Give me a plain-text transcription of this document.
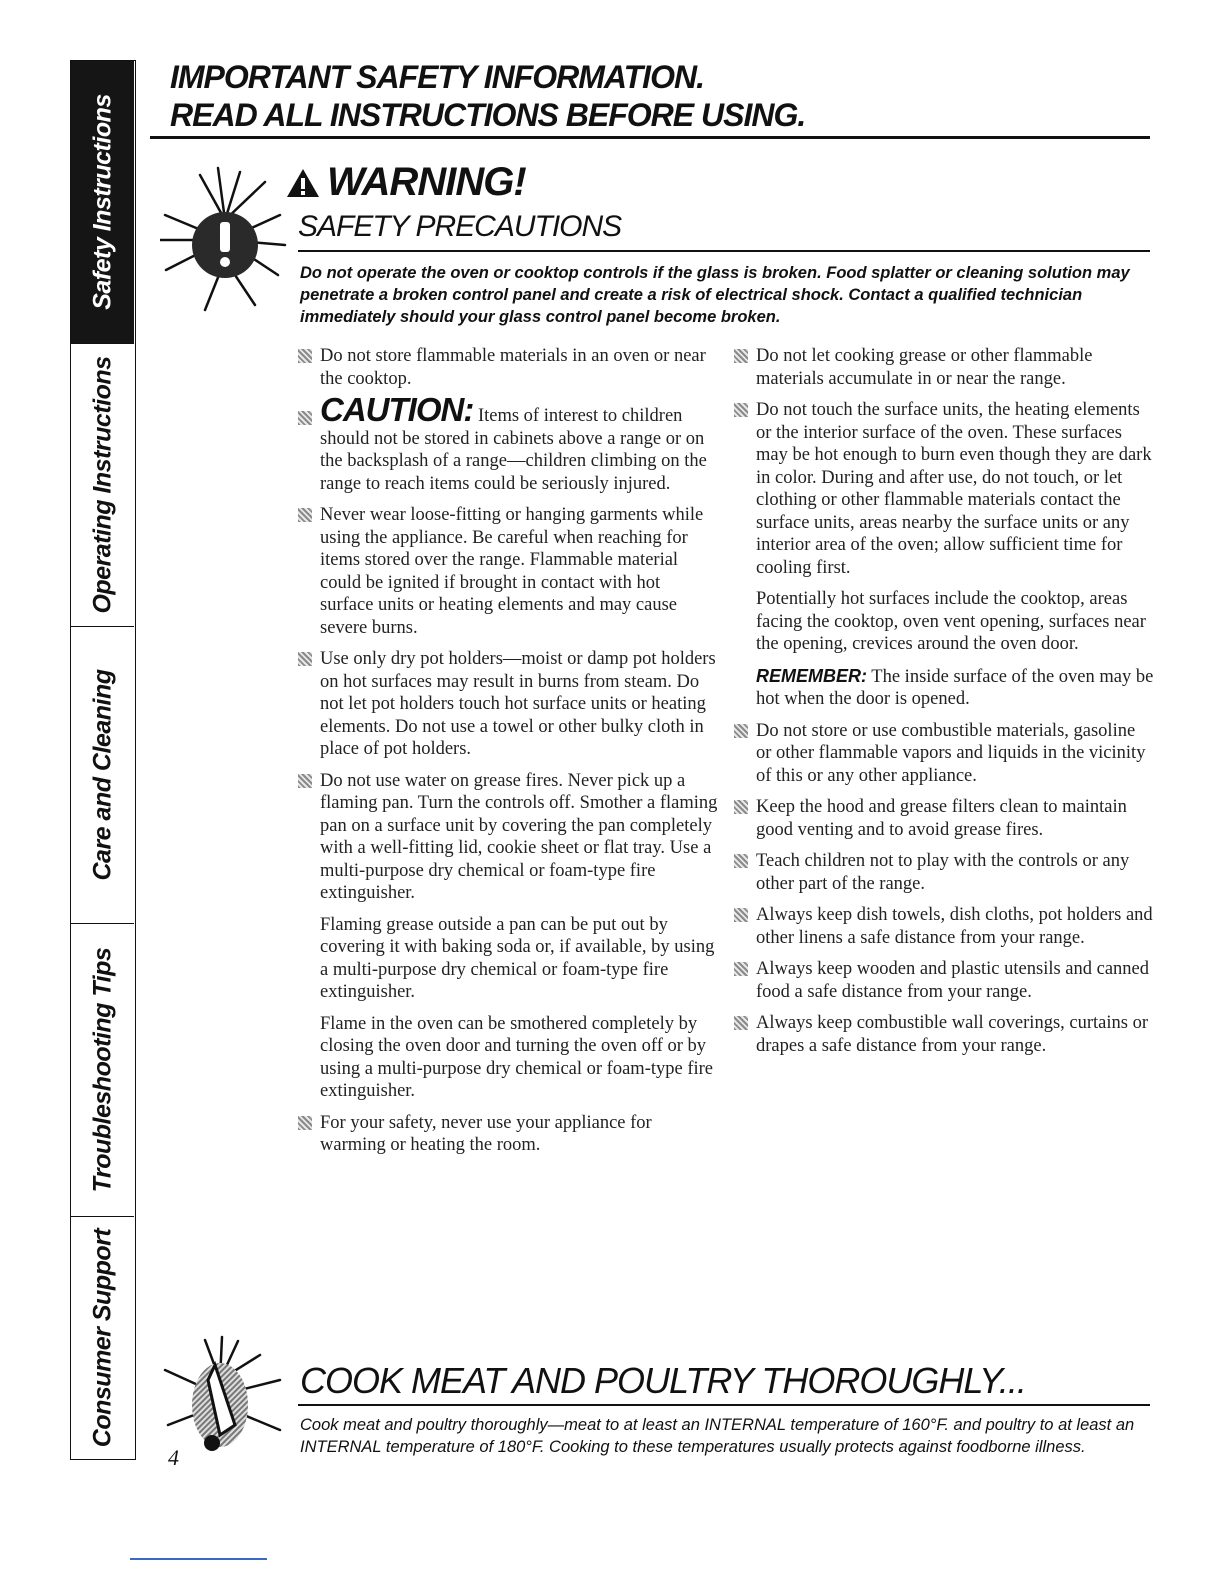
Safety Instructions
Operating Instructions
Care and Cleaning
Troubleshooting Tips
Consumer Support
IMPORTANT SAFETY INFORMATION.
READ ALL INSTRUCTIONS BEFORE USING.
WARNING!
SAFETY PRECAUTIONS
Do not operate the oven or cooktop controls if the glass is broken. Food splatter or cleaning solution may penetrate a broken control panel and create a risk of electrical shock. Contact a qualified technician immediately should your glass control panel become broken.
Do not store flammable materials in an oven or near the cooktop.
CAUTION: Items of interest to children should not be stored in cabinets above a range or on the backsplash of a range—children climbing on the range to reach items could be seriously injured.
Never wear loose-fitting or hanging garments while using the appliance. Be careful when reaching for items stored over the range. Flammable material could be ignited if brought in contact with hot surface units or heating elements and may cause severe burns.
Use only dry pot holders—moist or damp pot holders on hot surfaces may result in burns from steam. Do not let pot holders touch hot surface units or heating elements. Do not use a towel or other bulky cloth in place of pot holders.
Do not use water on grease fires. Never pick up a flaming pan. Turn the controls off. Smother a flaming pan on a surface unit by covering the pan completely with a well-fitting lid, cookie sheet or flat tray. Use a multi-purpose dry chemical or foam-type fire extinguisher.
Flaming grease outside a pan can be put out by covering it with baking soda or, if available, by using a multi-purpose dry chemical or foam-type fire extinguisher.
Flame in the oven can be smothered completely by closing the oven door and turning the oven off or by using a multi-purpose dry chemical or foam-type fire extinguisher.
For your safety, never use your appliance for warming or heating the room.
Do not let cooking grease or other flammable materials accumulate in or near the range.
Do not touch the surface units, the heating elements or the interior surface of the oven. These surfaces may be hot enough to burn even though they are dark in color. During and after use, do not touch, or let clothing or other flammable materials contact the surface units, areas nearby the surface units or any interior area of the oven; allow sufficient time for cooling first.
Potentially hot surfaces include the cooktop, areas facing the cooktop, oven vent opening, surfaces near the opening, crevices around the oven door.
REMEMBER: The inside surface of the oven may be hot when the door is opened.
Do not store or use combustible materials, gasoline or other flammable vapors and liquids in the vicinity of this or any other appliance.
Keep the hood and grease filters clean to maintain good venting and to avoid grease fires.
Teach children not to play with the controls or any other part of the range.
Always keep dish towels, dish cloths, pot holders and other linens a safe distance from your range.
Always keep wooden and plastic utensils and canned food a safe distance from your range.
Always keep combustible wall coverings, curtains or drapes a safe distance from your range.
COOK MEAT AND POULTRY THOROUGHLY...
Cook meat and poultry thoroughly—meat to at least an INTERNAL temperature of 160°F. and poultry to at least an INTERNAL temperature of 180°F. Cooking to these temperatures usually protects against foodborne illness.
4
